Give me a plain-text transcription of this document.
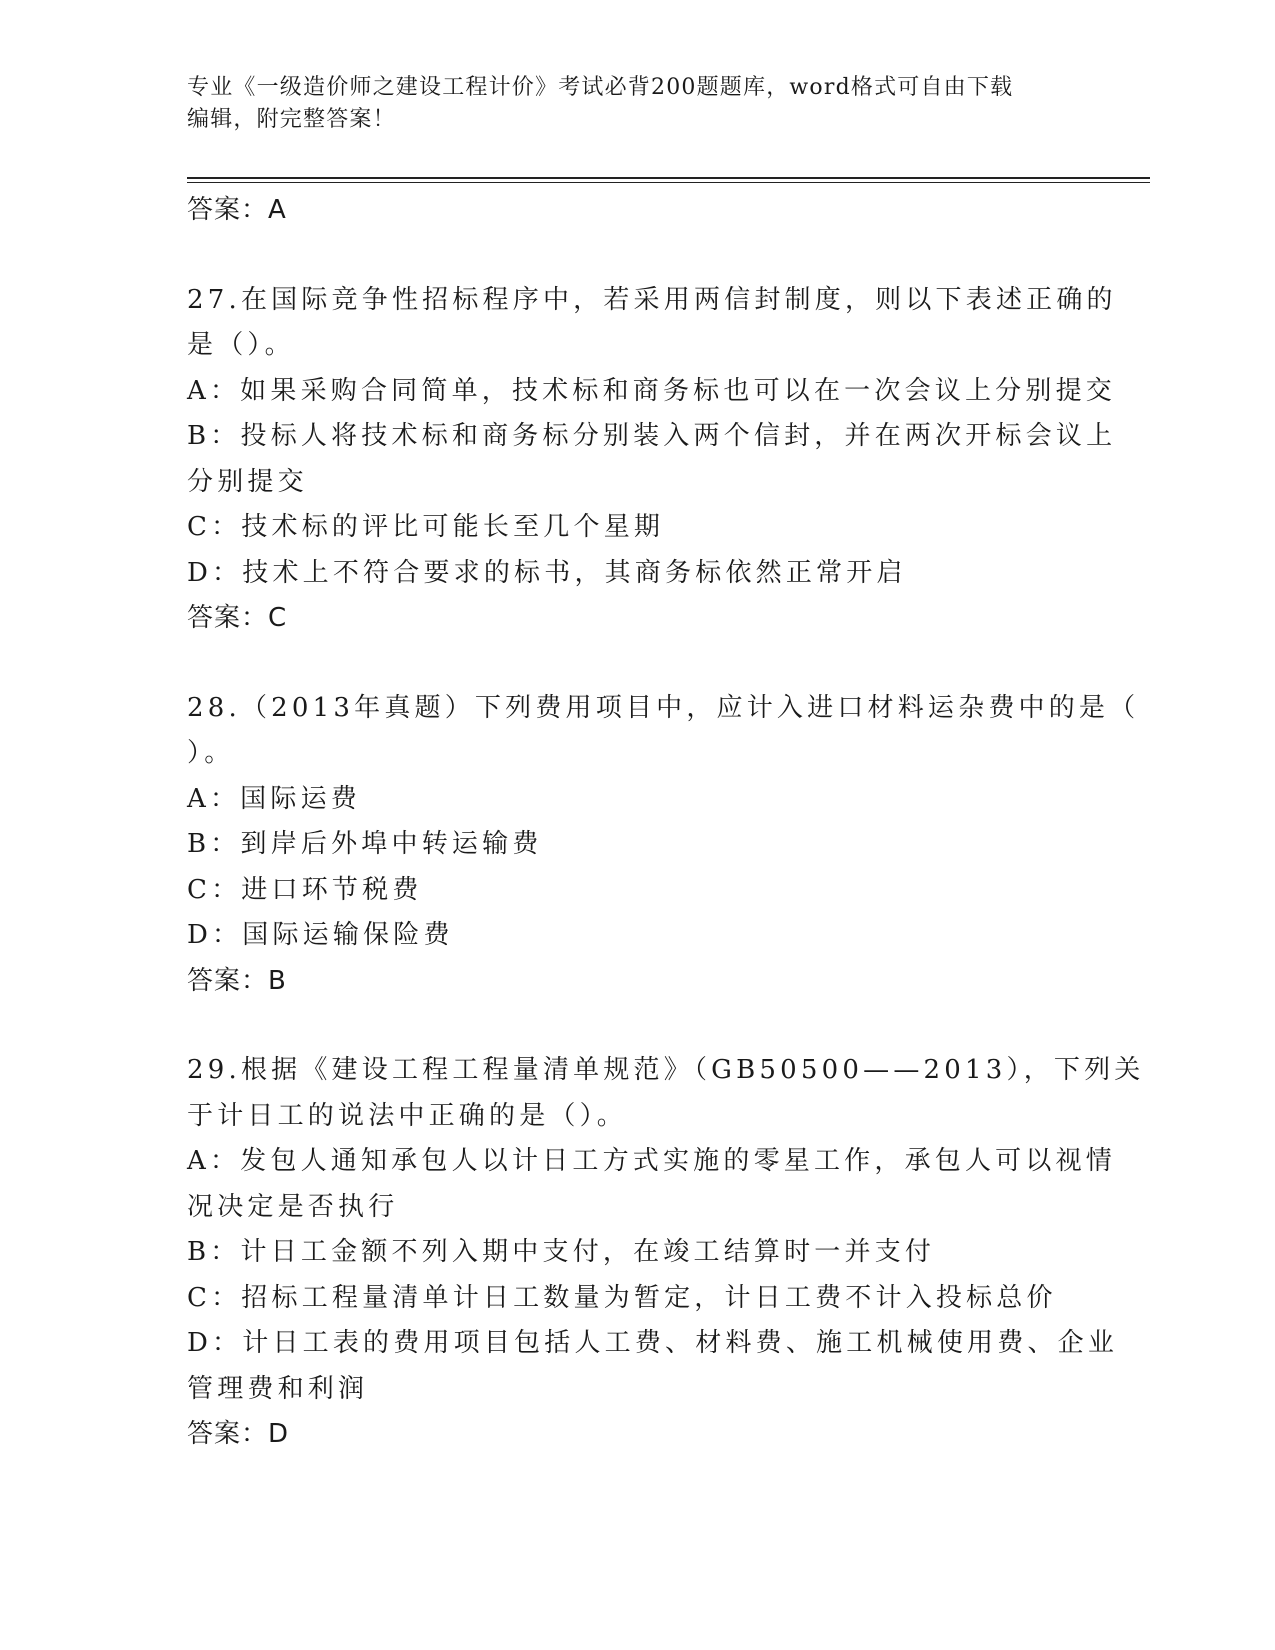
专业《一级造价师之建设工程计价》考试必背200题题库，word格式可自由下载
编辑，附完整答案！
答案：A
27.在国际竞争性招标程序中，若采用两信封制度，则以下表述正确的
是（）。
A：如果采购合同简单，技术标和商务标也可以在一次会议上分别提交
B：投标人将技术标和商务标分别装入两个信封，并在两次开标会议上
分别提交
C：技术标的评比可能长至几个星期
D：技术上不符合要求的标书，其商务标依然正常开启
答案：C
28.（2013年真题）下列费用项目中，应计入进口材料运杂费中的是（
）。
A：国际运费
B：到岸后外埠中转运输费
C：进口环节税费
D：国际运输保险费
答案：B
29.根据《建设工程工程量清单规范》（GB50500——2013），下列关
于计日工的说法中正确的是（）。
A：发包人通知承包人以计日工方式实施的零星工作，承包人可以视情
况决定是否执行
B：计日工金额不列入期中支付，在竣工结算时一并支付
C：招标工程量清单计日工数量为暂定，计日工费不计入投标总价
D：计日工表的费用项目包括人工费、材料费、施工机械使用费、企业
管理费和利润
答案：D
